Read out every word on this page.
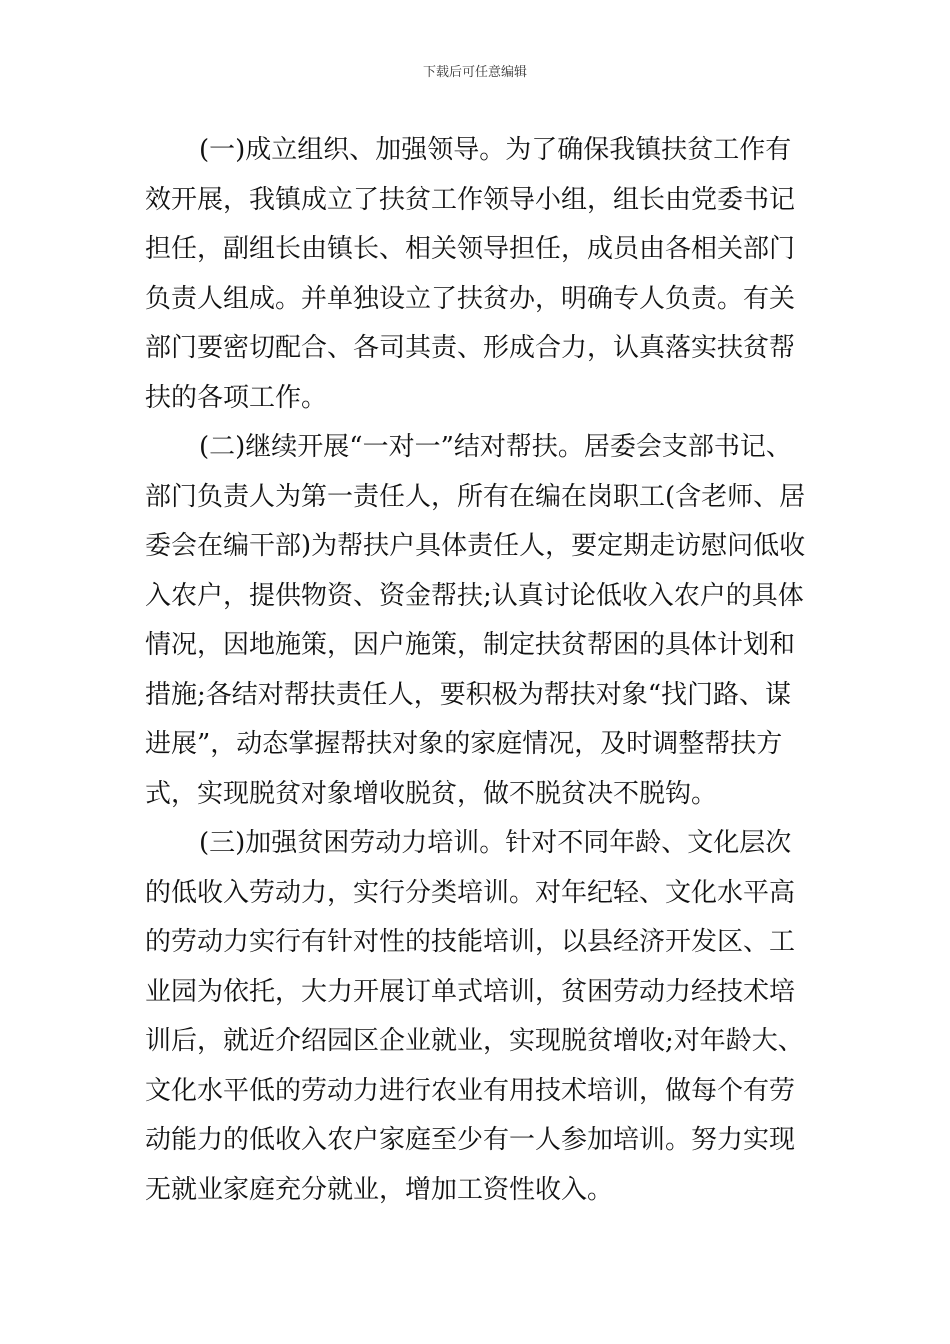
下载后可任意编辑
(一)成立组织、加强领导。为了确保我镇扶贫工作有
效开展，我镇成立了扶贫工作领导小组，组长由党委书记
担任，副组长由镇长、相关领导担任，成员由各相关部门
负责人组成。并单独设立了扶贫办，明确专人负责。有关
部门要密切配合、各司其责、形成合力，认真落实扶贫帮
扶的各项工作。
(二)继续开展“一对一”结对帮扶。居委会支部书记、
部门负责人为第一责任人，所有在编在岗职工(含老师、居
委会在编干部)为帮扶户具体责任人，要定期走访慰问低收
入农户，提供物资、资金帮扶;认真讨论低收入农户的具体
情况，因地施策，因户施策，制定扶贫帮困的具体计划和
措施;各结对帮扶责任人，要积极为帮扶对象“找门路、谋
进展”，动态掌握帮扶对象的家庭情况，及时调整帮扶方
式，实现脱贫对象增收脱贫，做不脱贫决不脱钩。
(三)加强贫困劳动力培训。针对不同年龄、文化层次
的低收入劳动力，实行分类培训。对年纪轻、文化水平高
的劳动力实行有针对性的技能培训，以县经济开发区、工
业园为依托，大力开展订单式培训，贫困劳动力经技术培
训后，就近介绍园区企业就业，实现脱贫增收;对年龄大、
文化水平低的劳动力进行农业有用技术培训，做每个有劳
动能力的低收入农户家庭至少有一人参加培训。努力实现
无就业家庭充分就业，增加工资性收入。
